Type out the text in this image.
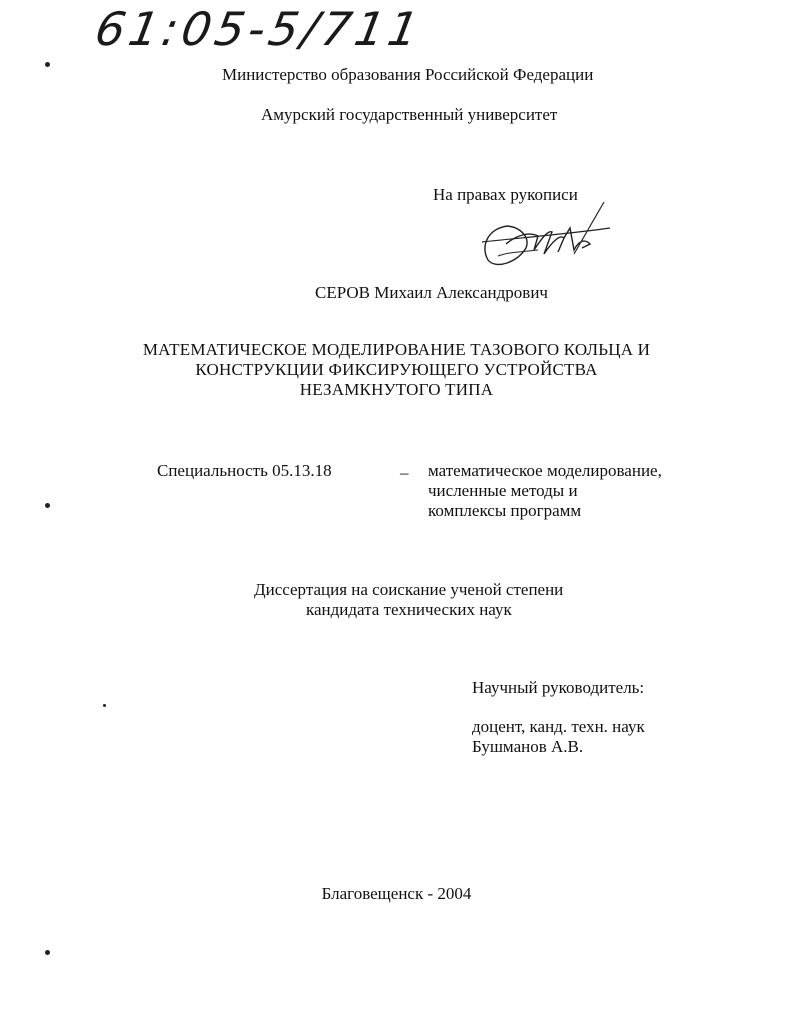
61:05-5/711
Министерство образования Российской Федерации
Амурский государственный университет
На правах рукописи
СЕРОВ Михаил Александрович
МАТЕМАТИЧЕСКОЕ МОДЕЛИРОВАНИЕ ТАЗОВОГО КОЛЬЦА И
КОНСТРУКЦИИ ФИКСИРУЮЩЕГО УСТРОЙСТВА
НЕЗАМКНУТОГО ТИПА
Специальность 05.13.18	– математическое моделирование,
численные методы и
комплексы программ
Диссертация на соискание ученой степени
кандидата технических наук
Научный руководитель:
доцент, канд. техн. наук
Бушманов А.В.
Благовещенск - 2004
